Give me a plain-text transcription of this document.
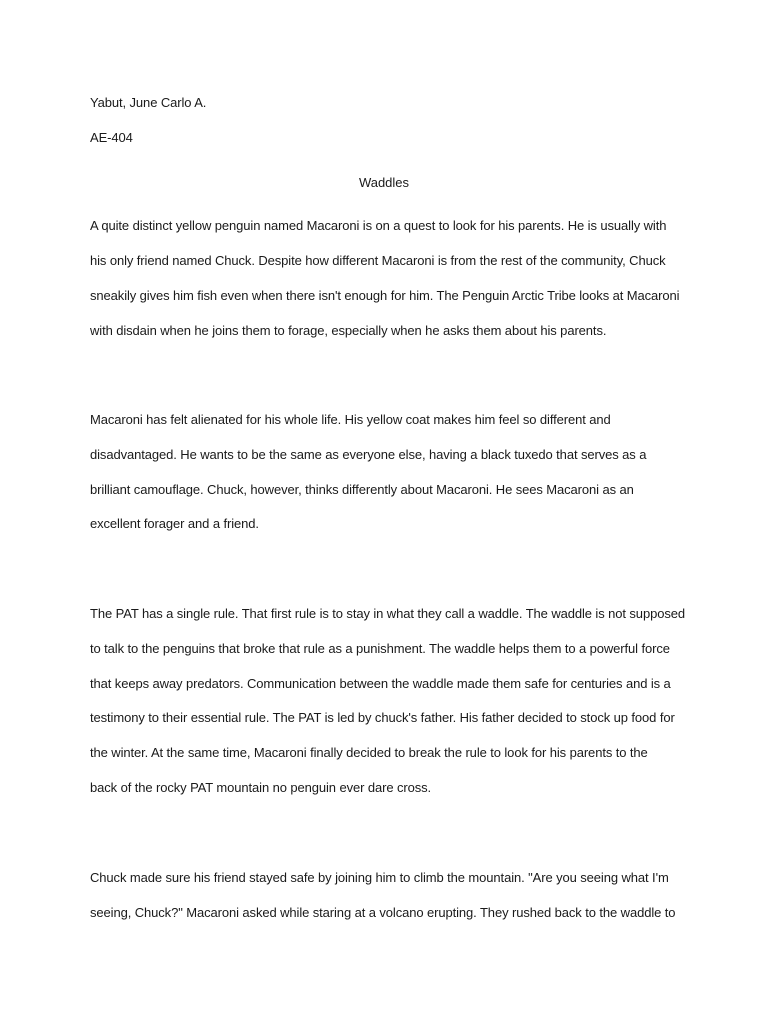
Yabut, June Carlo A.
AE-404
Waddles
A quite distinct yellow penguin named Macaroni is on a quest to look for his parents. He is usually with
his only friend named Chuck. Despite how different Macaroni is from the rest of the community, Chuck
sneakily gives him fish even when there isn't enough for him. The Penguin Arctic Tribe looks at Macaroni
with disdain when he joins them to forage, especially when he asks them about his parents.
Macaroni has felt alienated for his whole life. His yellow coat makes him feel so different and
disadvantaged. He wants to be the same as everyone else, having a black tuxedo that serves as a
brilliant camouflage. Chuck, however, thinks differently about Macaroni. He sees Macaroni as an
excellent forager and a friend.
The PAT has a single rule. That first rule is to stay in what they call a waddle. The waddle is not supposed
to talk to the penguins that broke that rule as a punishment. The waddle helps them to a powerful force
that keeps away predators. Communication between the waddle made them safe for centuries and is a
testimony to their essential rule. The PAT is led by chuck's father. His father decided to stock up food for
the winter. At the same time, Macaroni finally decided to break the rule to look for his parents to the
back of the rocky PAT mountain no penguin ever dare cross.
Chuck made sure his friend stayed safe by joining him to climb the mountain. "Are you seeing what I'm
seeing, Chuck?" Macaroni asked while staring at a volcano erupting. They rushed back to the waddle to
